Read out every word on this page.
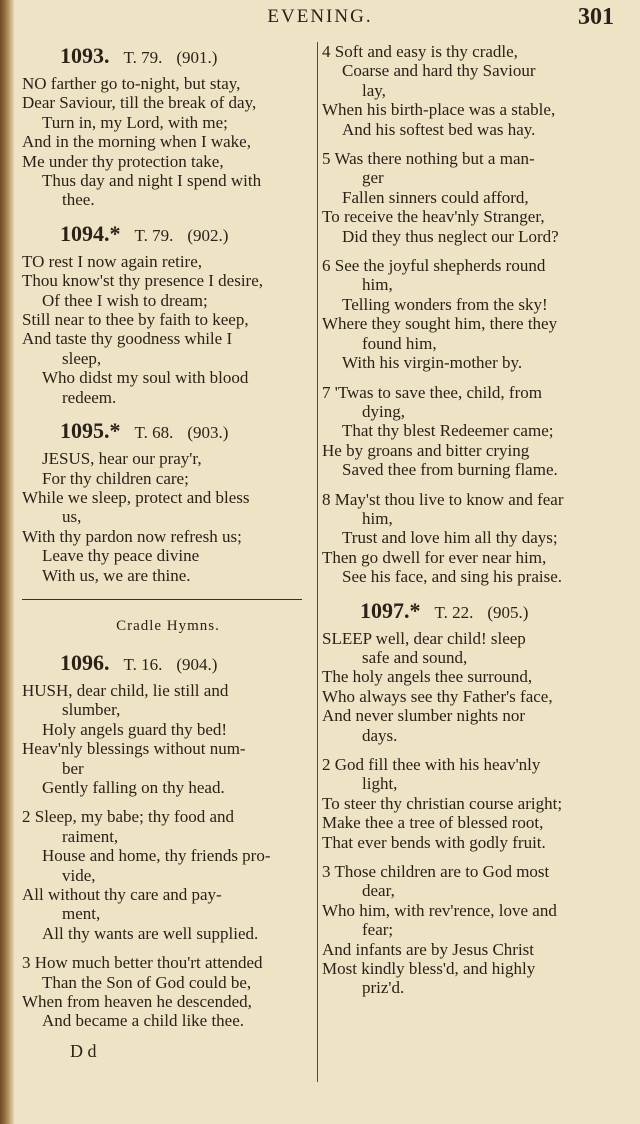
EVENING.	301
1093. T. 79. (901.)
NO farther go to-night, but stay,
Dear Saviour, till the break of day,
Turn in, my Lord, with me;
And in the morning when I wake,
Me under thy protection take,
Thus day and night I spend with
thee.
1094.* T. 79. (902.)
TO rest I now again retire,
Thou know'st thy presence I desire,
Of thee I wish to dream;
Still near to thee by faith to keep,
And taste thy goodness while I
sleep,
Who didst my soul with blood
redeem.
1095.* T. 68. (903.)
JESUS, hear our pray'r,
For thy children care;
While we sleep, protect and bless
us,
With thy pardon now refresh us;
Leave thy peace divine
With us, we are thine.
Cradle Hymns.
1096. T. 16. (904.)
HUSH, dear child, lie still and
slumber,
Holy angels guard thy bed!
Heav'nly blessings without num-
ber
Gently falling on thy head.
2 Sleep, my babe; thy food and
raiment,
House and home, thy friends pro-
vide,
All without thy care and pay-
ment,
All thy wants are well supplied.
3 How much better thou'rt attended
Than the Son of God could be,
When from heaven he descended,
And became a child like thee.
D d
4 Soft and easy is thy cradle,
Coarse and hard thy Saviour
lay,
When his birth-place was a stable,
And his softest bed was hay.
5 Was there nothing but a man-
ger
Fallen sinners could afford,
To receive the heav'nly Stranger,
Did they thus neglect our Lord?
6 See the joyful shepherds round
him,
Telling wonders from the sky!
Where they sought him, there they
found him,
With his virgin-mother by.
7 'Twas to save thee, child, from
dying,
That thy blest Redeemer came;
He by groans and bitter crying
Saved thee from burning flame.
8 May'st thou live to know and fear
him,
Trust and love him all thy days;
Then go dwell for ever near him,
See his face, and sing his praise.
1097.* T. 22. (905.)
SLEEP well, dear child! sleep
safe and sound,
The holy angels thee surround,
Who always see thy Father's face,
And never slumber nights nor
days.
2 God fill thee with his heav'nly
light,
To steer thy christian course aright;
Make thee a tree of blessed root,
That ever bends with godly fruit.
3 Those children are to God most
dear,
Who him, with rev'rence, love and
fear;
And infants are by Jesus Christ
Most kindly bless'd, and highly
priz'd.
